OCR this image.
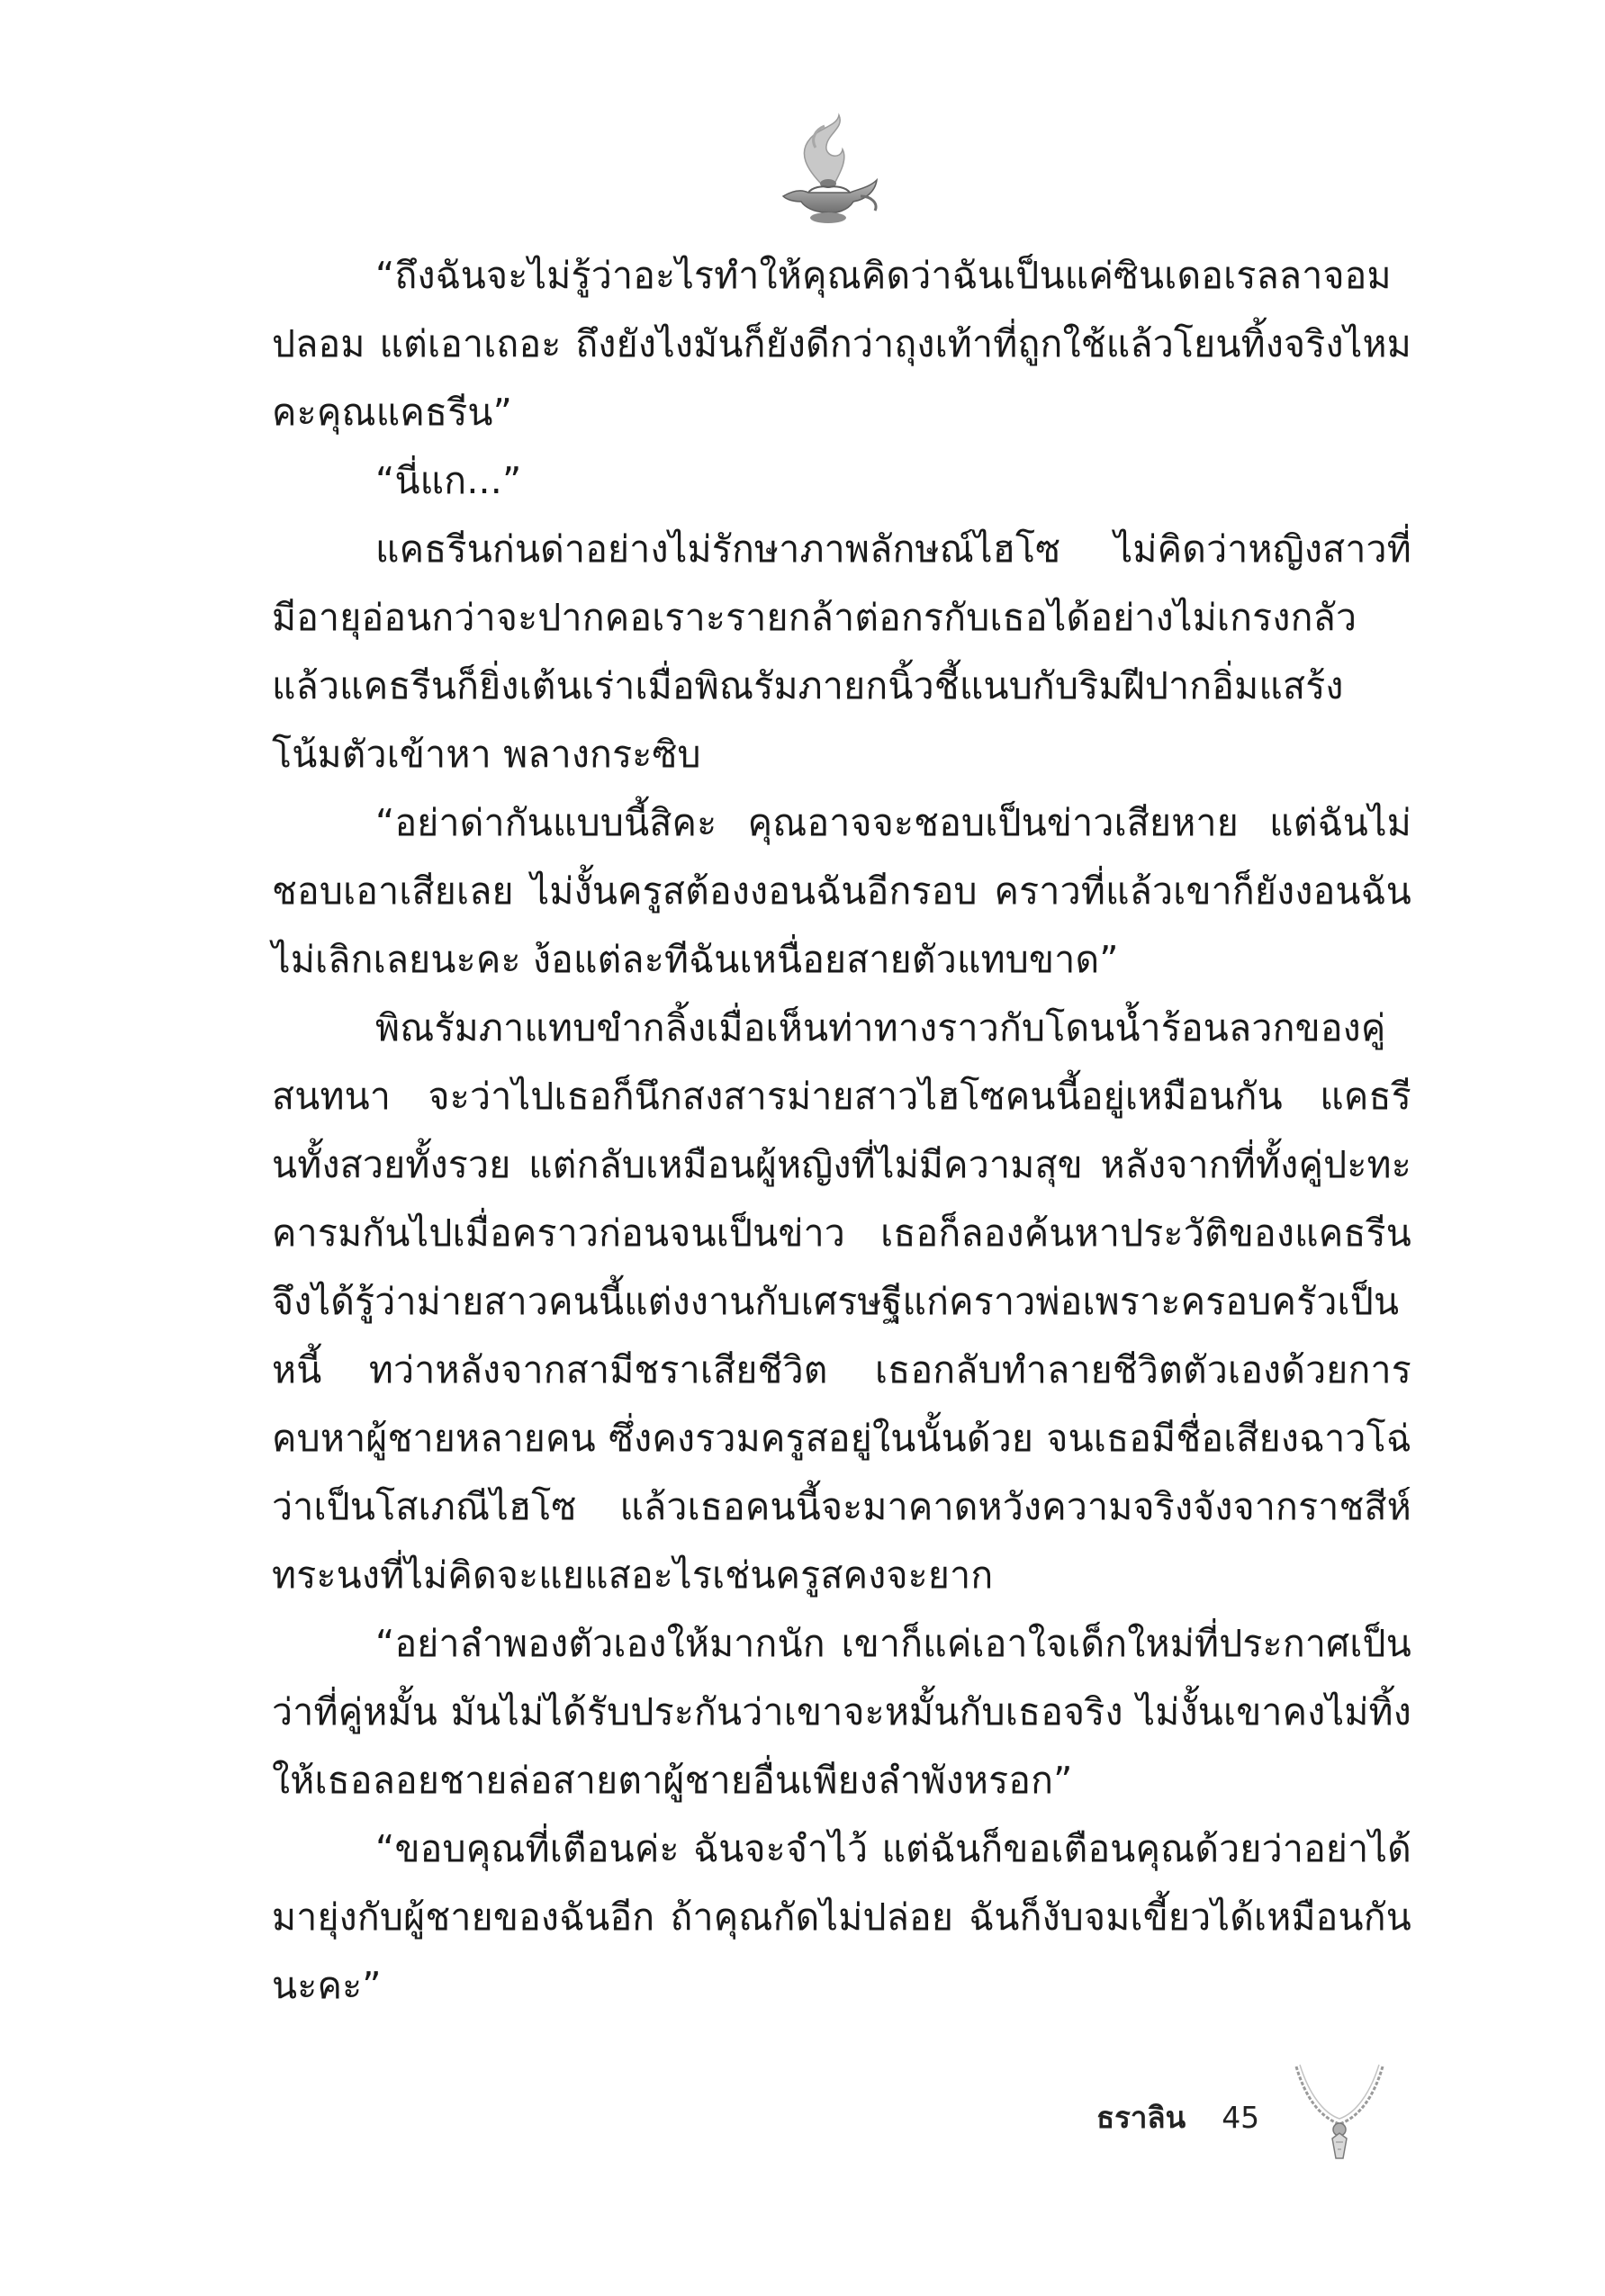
“ถึงฉันจะไม่รู้ว่าอะไรทำให้คุณคิดว่าฉันเป็นแค่ซินเดอเรลลาจอมปลอม แต่เอาเถอะ ถึงยังไงมันก็ยังดีกว่าถุงเท้าที่ถูกใช้แล้วโยนทิ้งจริงไหมคะคุณแคธรีน”

“นี่แก...”

แคธรีนก่นด่าอย่างไม่รักษาภาพลักษณ์ไฮโซ ไม่คิดว่าหญิงสาวที่มีอายุอ่อนกว่าจะปากคอเราะรายกล้าต่อกรกับเธอได้อย่างไม่เกรงกลัว แล้วแคธรีนก็ยิ่งเต้นเร่าเมื่อพิณรัมภายกนิ้วชี้แนบกับริมฝีปากอิ่มแสร้งโน้มตัวเข้าหา พลางกระซิบ

“อย่าด่ากันแบบนี้สิคะ คุณอาจจะชอบเป็นข่าวเสียหาย แต่ฉันไม่ชอบเอาเสียเลย ไม่งั้นครูสต้องงอนฉันอีกรอบ คราวที่แล้วเขาก็ยังงอนฉันไม่เลิกเลยนะคะ ง้อแต่ละทีฉันเหนื่อยสายตัวแทบขาด”

พิณรัมภาแทบขำกลิ้งเมื่อเห็นท่าทางราวกับโดนน้ำร้อนลวกของคู่สนทนา จะว่าไปเธอก็นึกสงสารม่ายสาวไฮโซคนนี้อยู่เหมือนกัน แคธรีนทั้งสวยทั้งรวย แต่กลับเหมือนผู้หญิงที่ไม่มีความสุข หลังจากที่ทั้งคู่ปะทะคารมกันไปเมื่อคราวก่อนจนเป็นข่าว เธอก็ลองค้นหาประวัติของแคธรีนจึงได้รู้ว่าม่ายสาวคนนี้แต่งงานกับเศรษฐีแก่คราวพ่อเพราะครอบครัวเป็นหนี้ ทว่าหลังจากสามีชราเสียชีวิต เธอกลับทำลายชีวิตตัวเองด้วยการคบหาผู้ชายหลายคน ซึ่งคงรวมครูสอยู่ในนั้นด้วย จนเธอมีชื่อเสียงฉาวโฉ่ว่าเป็นโสเภณีไฮโซ แล้วเธอคนนี้จะมาคาดหวังความจริงจังจากราชสีห์ทระนงที่ไม่คิดจะแยแสอะไรเช่นครูสคงจะยาก

“อย่าลำพองตัวเองให้มากนัก เขาก็แค่เอาใจเด็กใหม่ที่ประกาศเป็นว่าที่คู่หมั้น มันไม่ได้รับประกันว่าเขาจะหมั้นกับเธอจริง ไม่งั้นเขาคงไม่ทิ้งให้เธอลอยชายล่อสายตาผู้ชายอื่นเพียงลำพังหรอก”

“ขอบคุณที่เตือนค่ะ ฉันจะจำไว้ แต่ฉันก็ขอเตือนคุณด้วยว่าอย่าได้มายุ่งกับผู้ชายของฉันอีก ถ้าคุณกัดไม่ปล่อย ฉันก็งับจมเขี้ยวได้เหมือนกันนะคะ”

ธราลิน 45
